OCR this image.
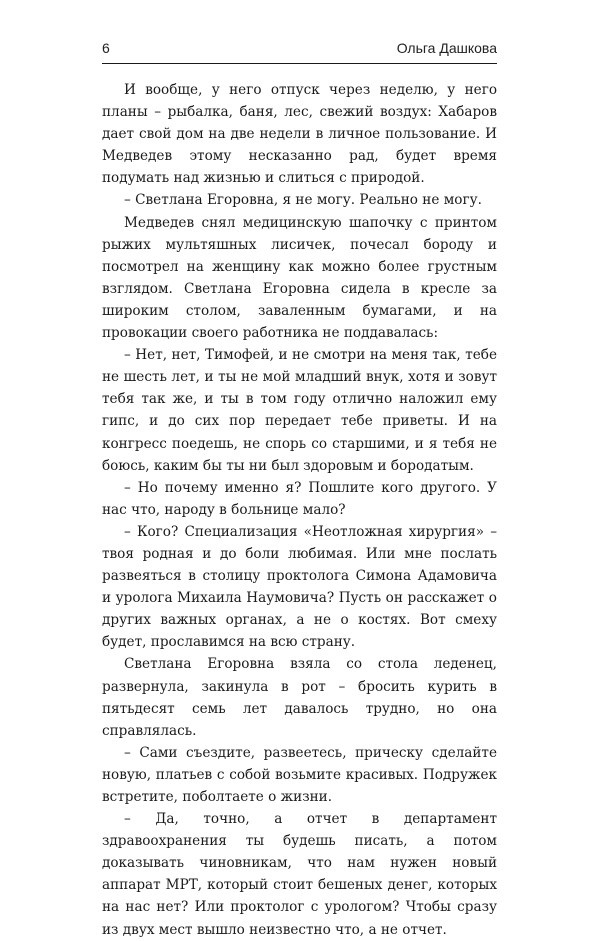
6	Ольга Дашкова

И вообще, у него отпуск через неделю, у него планы – рыбалка, баня, лес, свежий воздух: Хабаров дает свой дом на две недели в личное пользование. И Медведев этому несказанно рад, будет время подумать над жизнью и слиться с природой.

– Светлана Егоровна, я не могу. Реально не могу.

Медведев снял медицинскую шапочку с принтом рыжих мультяшных лисичек, почесал бороду и посмотрел на женщину как можно более грустным взглядом. Светлана Егоровна сидела в кресле за широким столом, заваленным бумагами, и на провокации своего работника не поддавалась:

– Нет, нет, Тимофей, и не смотри на меня так, тебе не шесть лет, и ты не мой младший внук, хотя и зовут тебя так же, и ты в том году отлично наложил ему гипс, и до сих пор передает тебе приветы. И на конгресс поедешь, не спорь со старшими, и я тебя не боюсь, каким бы ты ни был здоровым и бородатым.

– Но почему именно я? Пошлите кого другого. У нас что, народу в больнице мало?

– Кого? Специализация «Неотложная хирургия» – твоя родная и до боли любимая. Или мне послать развеяться в столицу проктолога Симона Адамовича и уролога Михаила Наумовича? Пусть он расскажет о других важных органах, а не о костях. Вот смеху будет, прославимся на всю страну.

Светлана Егоровна взяла со стола леденец, развернула, закинула в рот – бросить курить в пятьдесят семь лет давалось трудно, но она справлялась.

– Сами съездите, развеетесь, прическу сделайте новую, платьев с собой возьмите красивых. Подружек встретите, поболтаете о жизни.

– Да, точно, а отчет в департамент здравоохранения ты будешь писать, а потом доказывать чиновникам, что нам нужен новый аппарат МРТ, который стоит бешеных денег, которых на нас нет? Или проктолог с урологом? Чтобы сразу из двух мест вышло неизвестно что, а не отчет.
